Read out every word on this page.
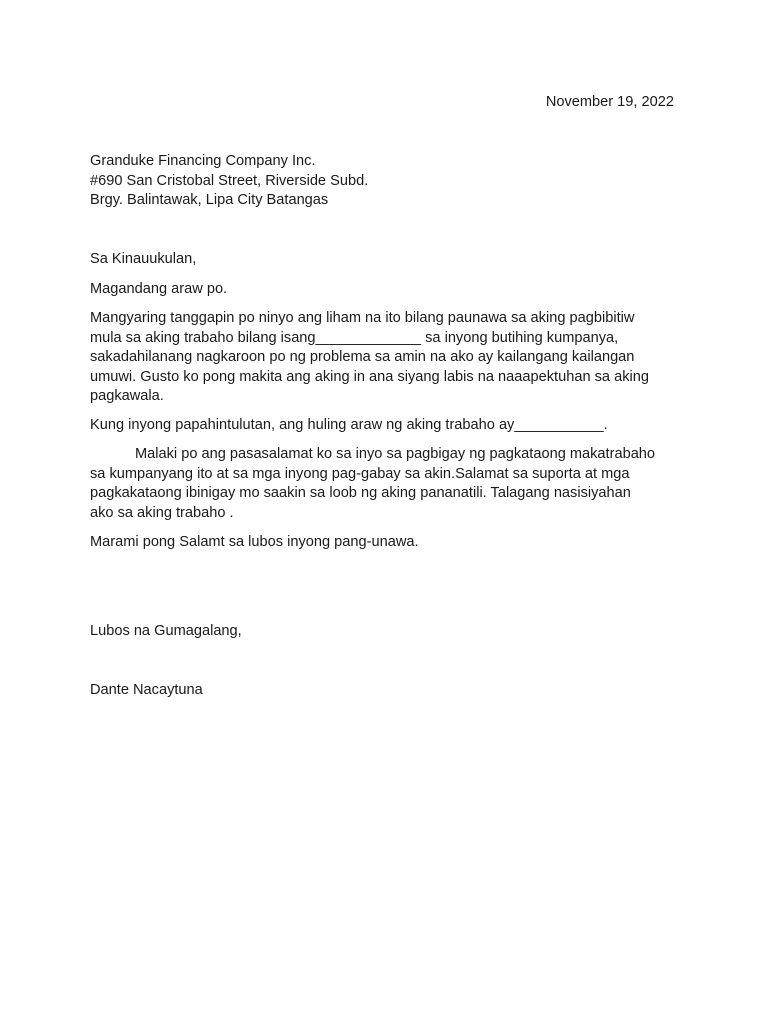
November 19, 2022
Granduke Financing Company Inc.
#690 San Cristobal Street, Riverside Subd.
Brgy. Balintawak, Lipa City Batangas
Sa Kinauukulan,
Magandang araw po.
Mangyaring tanggapin po ninyo ang liham na ito bilang paunawa sa aking pagbibitiw
mula sa aking trabaho bilang isang_____________ sa inyong butihing kumpanya,
sakadahilanang nagkaroon po ng problema sa amin na ako ay kailangang kailangan
umuwi. Gusto ko pong makita ang aking in ana siyang labis na naaapektuhan sa aking
pagkawala.
Kung inyong papahintulutan, ang huling araw ng aking trabaho ay___________.
Malaki po ang pasasalamat ko sa inyo sa pagbigay ng pagkataong makatrabaho
sa kumpanyang ito at sa mga inyong pag-gabay sa akin.Salamat sa suporta at mga
pagkakataong ibinigay mo saakin sa loob ng aking pananatili. Talagang nasisiyahan
ako sa aking trabaho .
Marami pong Salamt sa lubos inyong pang-unawa.
Lubos na Gumagalang,
Dante Nacaytuna
